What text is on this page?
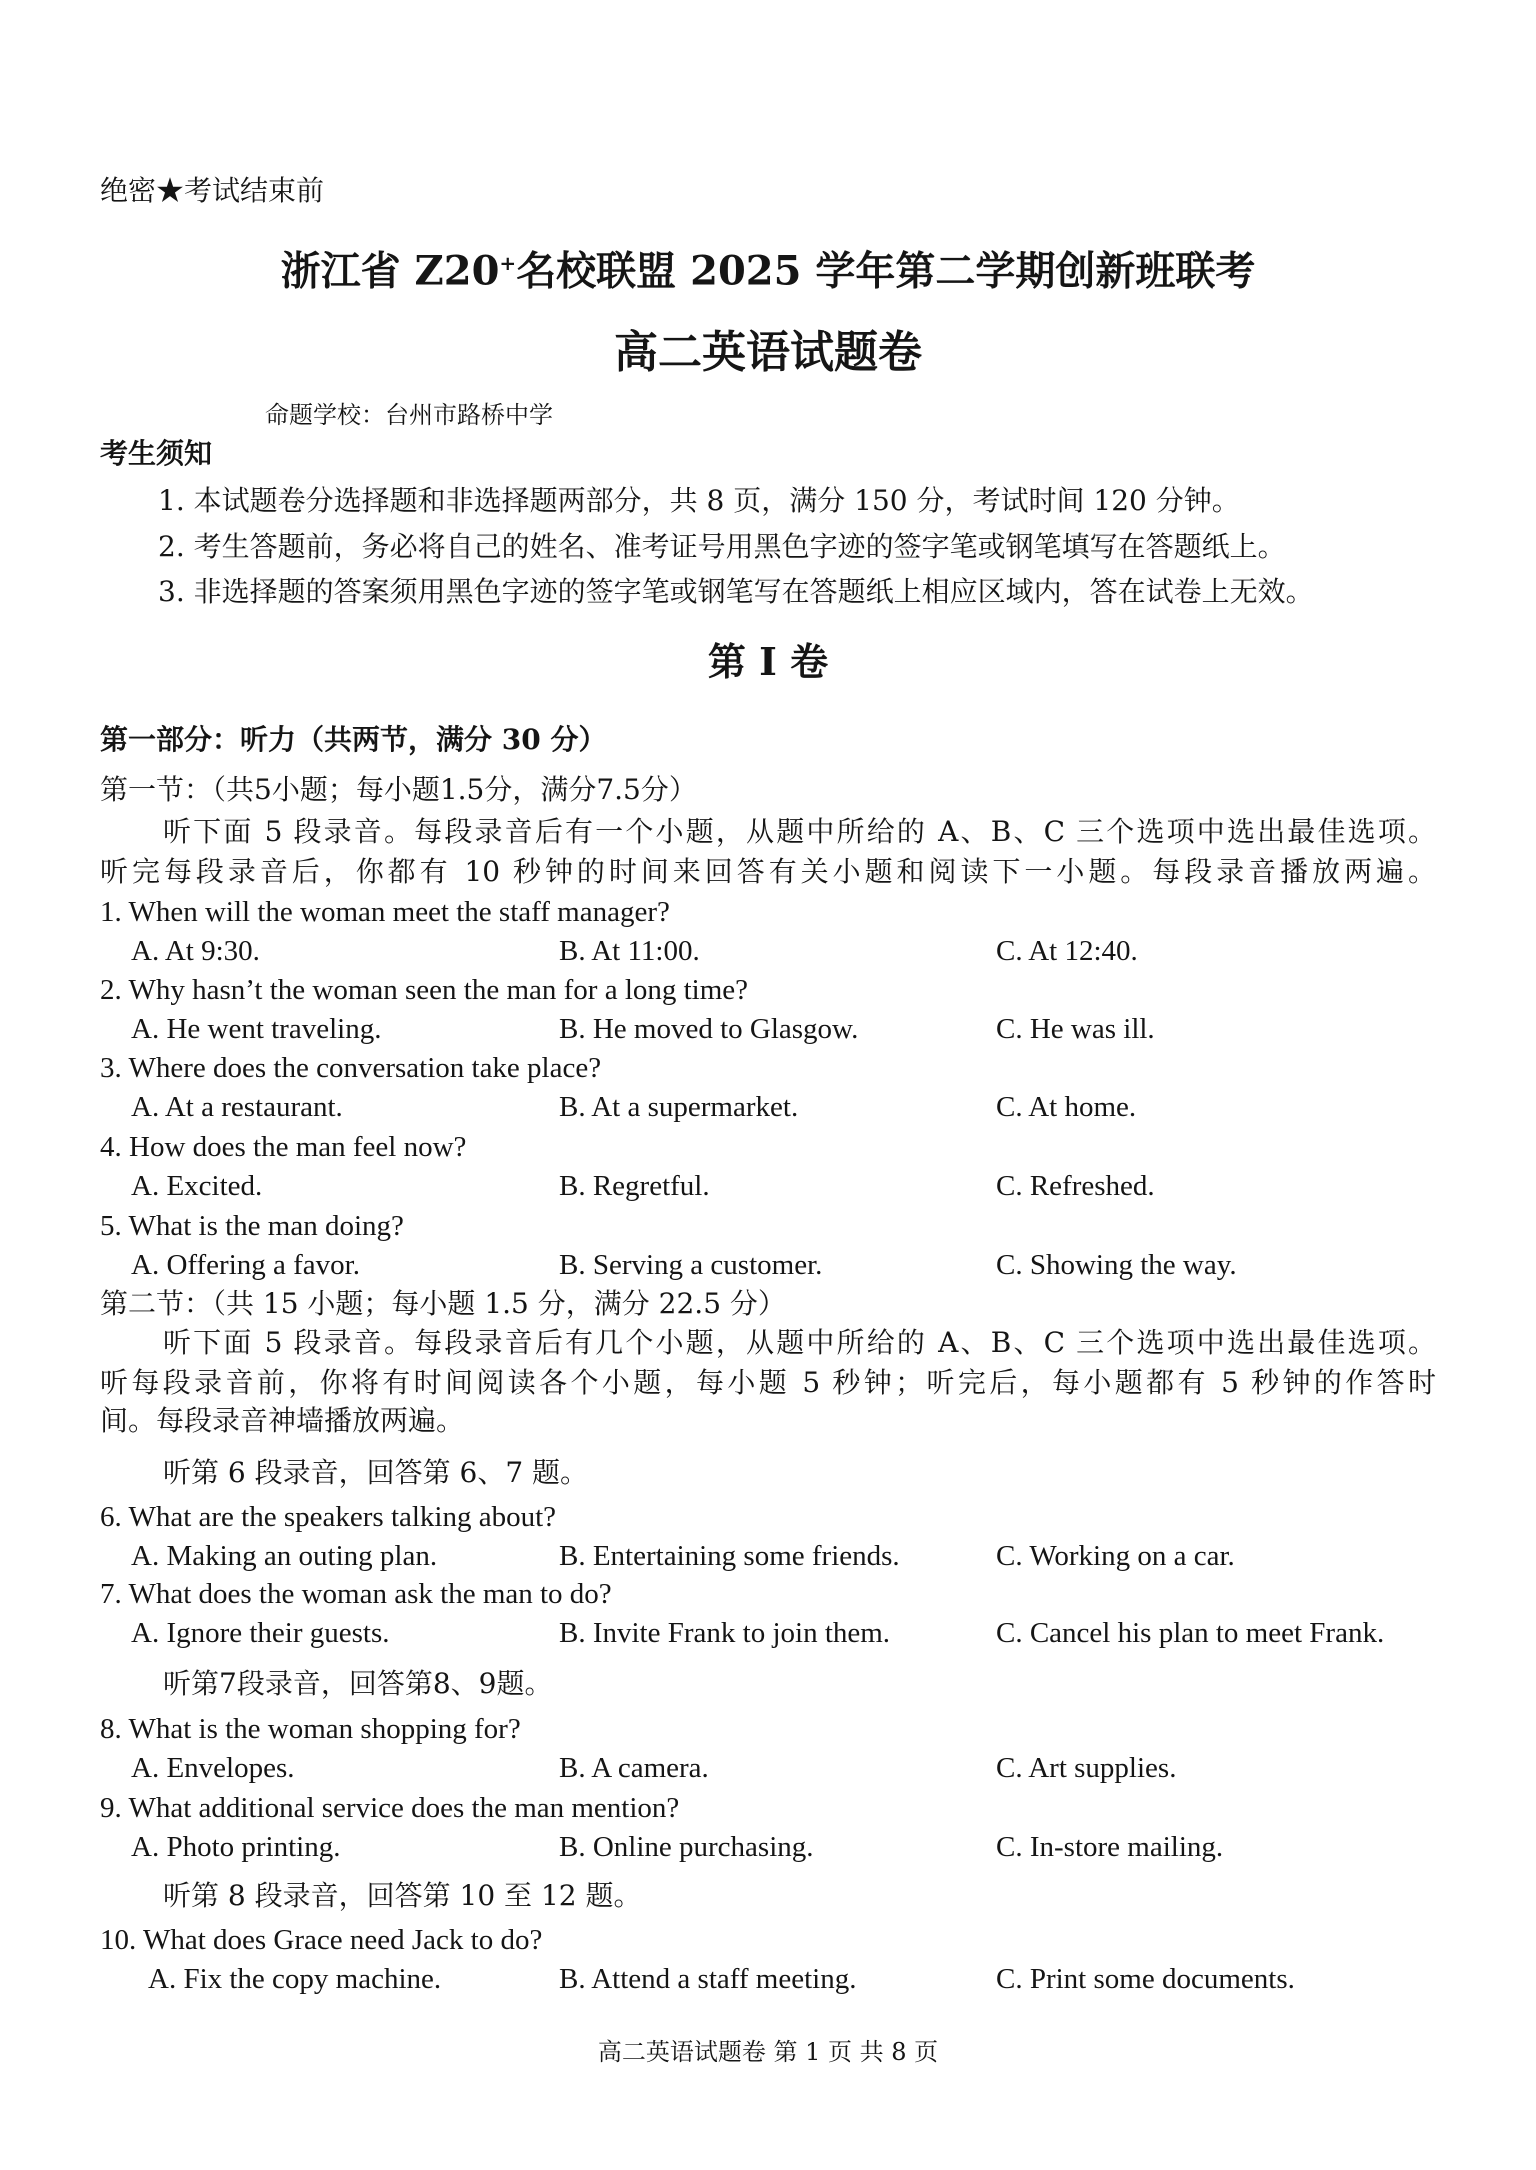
绝密★考试结束前
浙江省 Z20+名校联盟 2025 学年第二学期创新班联考
高二英语试题卷
命题学校：台州市路桥中学
考生须知
1. 本试题卷分选择题和非选择题两部分，共 8 页，满分 150 分，考试时间 120 分钟。
2. 考生答题前，务必将自己的姓名、准考证号用黑色字迹的签字笔或钢笔填写在答题纸上。
3. 非选择题的答案须用黑色字迹的签字笔或钢笔写在答题纸上相应区域内，答在试卷上无效。
听下面 5 段录音。每段录音后有一个小题，从题中所给的 A、B、C 三个选项中选出最佳选项。
听完每段录音后，你都有 10 秒钟的时间来回答有关小题和阅读下一小题。每段录音播放两遍。
听下面 5 段录音。每段录音后有几个小题，从题中所给的 A、B、C 三个选项中选出最佳选项。
听每段录音前，你将有时间阅读各个小题，每小题 5 秒钟；听完后，每小题都有 5 秒钟的作答时
间。每段录音神墙播放两遍。
1. When will the woman meet the staff manager?
A. At 9:30.	B. At 11:00.	C. At 12:40.
2. Why hasn’t the woman seen the man for a long time?
A. He went traveling.	B. He moved to Glasgow.	C. He was ill.
3. Where does the conversation take place?
A. At a restaurant.	B. At a supermarket.	C. At home.
4. How does the man feel now?
A. Excited.	B. Regretful.	C. Refreshed.
5. What is the man doing?
A. Offering a favor.	B. Serving a customer.	C. Showing the way.
6. What are the speakers talking about?
A. Making an outing plan.	B. Entertaining some friends.	C. Working on a car.
7. What does the woman ask the man to do?
A. Ignore their guests.	B. Invite Frank to join them.	C. Cancel his plan to meet Frank.
8. What is the woman shopping for?
A. Envelopes.	B. A camera.	C. Art supplies.
9. What additional service does the man mention?
A. Photo printing.	B. Online purchasing.	C. In-store mailing.
10. What does Grace need Jack to do?
A. Fix the copy machine.	B. Attend a staff meeting.	C. Print some documents.
第 I 卷
第一部分：听力（共两节，满分 30 分）
第一节：（共5小题；每小题1.5分，满分7.5分）
第二节：（共 15 小题；每小题 1.5 分，满分 22.5 分）
听第 6 段录音，回答第 6、7 题。
听第7段录音，回答第8、9题。
听第 8 段录音，回答第 10 至 12 题。
高二英语试题卷 第 1 页 共 8 页
